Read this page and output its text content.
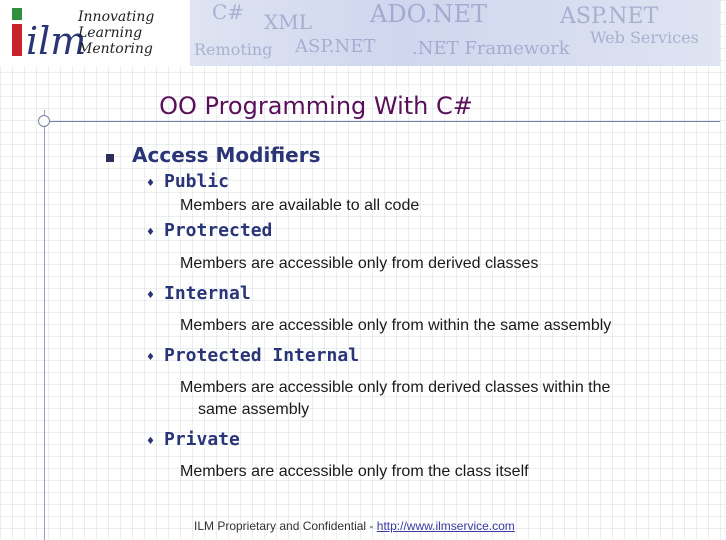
C# XML ADO.NET	ASP.NET
ASP.NET .NET Framework
Web Services
Remoting
ilm
Innovating
Learning
Mentoring
OO Programming With C#
Access Modifiers
♦ Public
Members are available to all code
♦ Protrected
Members are accessible only from derived classes
♦ Internal
Members are accessible only from within the same assembly
♦ Protected Internal
Members are accessible only from derived classes within the
same assembly
♦ Private
Members are accessible only from the class itself
ILM Proprietary and Confidential - http://www.ilmservice.com
